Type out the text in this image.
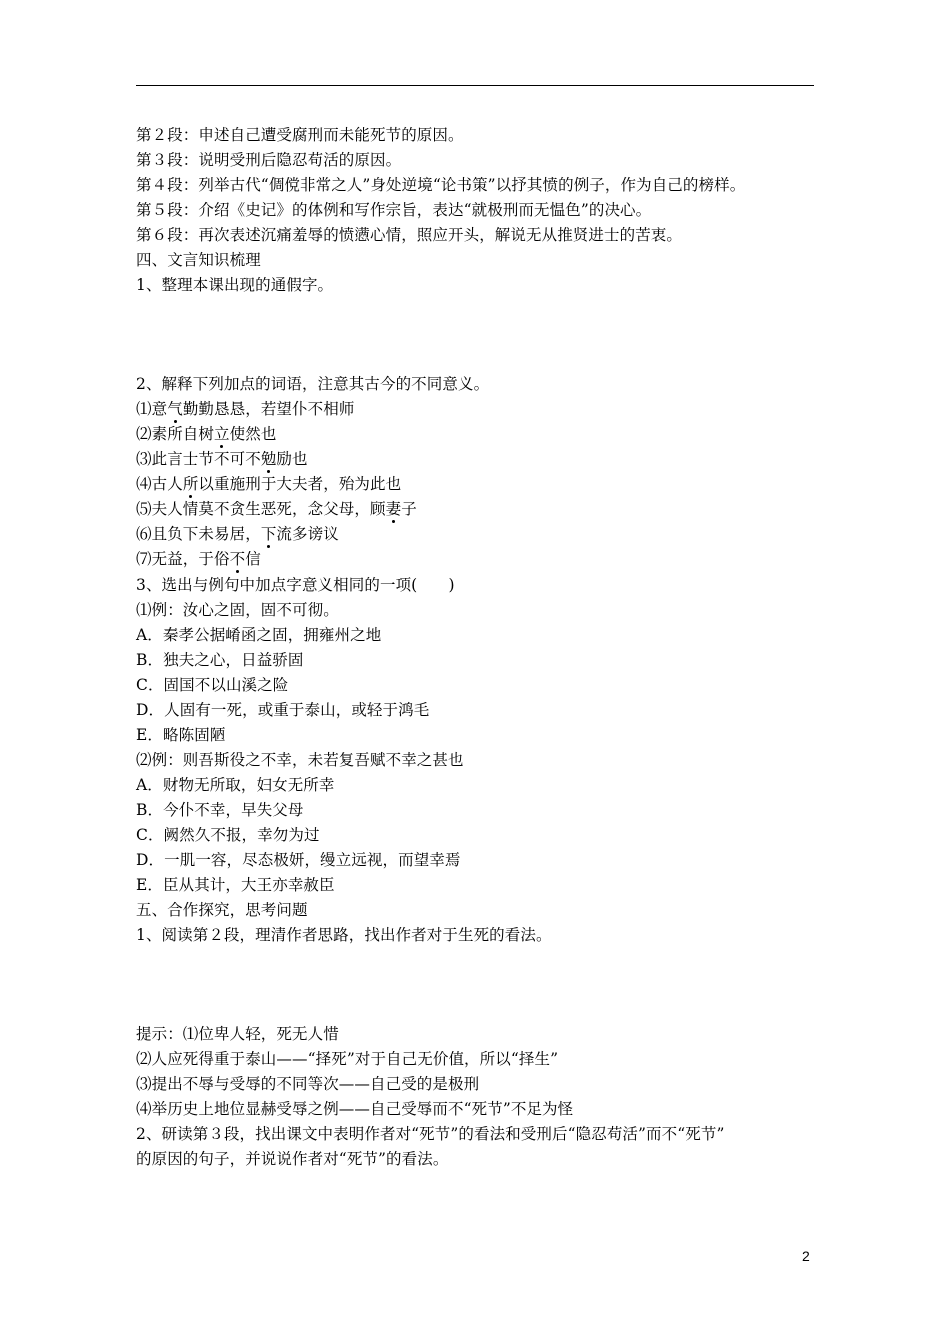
第２段：申述自己遭受腐刑而未能死节的原因。
第３段：说明受刑后隐忍苟活的原因。
第４段：列举古代“倜傥非常之人”身处逆境“论书策”以抒其愤的例子，作为自己的榜样。
第５段：介绍《史记》的体例和写作宗旨，表达“就极刑而无愠色”的决心。
第６段：再次表述沉痛羞辱的愤懑心情，照应开头，解说无从推贤进士的苦衷。
四、文言知识梳理
1、整理本课出现的通假字。
2、解释下列加点的词语，注意其古今的不同意义。
⑴意气勤勤恳恳，若望仆不相师
⑵素所自树立使然也
⑶此言士节不可不勉励也
⑷古人所以重施刑于大夫者，殆为此也
⑸夫人情莫不贪生恶死，念父母，顾妻子
⑹且负下未易居，下流多谤议
⑺无益，于俗不信
3、选出与例句中加点字意义相同的一项(　　)
⑴例：汝心之固，固不可彻。
A．秦孝公据崤函之固，拥雍州之地
B．独夫之心，日益骄固
C．固国不以山溪之险
D．人固有一死，或重于泰山，或轻于鸿毛
E．略陈固陋
⑵例：则吾斯役之不幸，未若复吾赋不幸之甚也
A．财物无所取，妇女无所幸
B．今仆不幸，早失父母
C．阙然久不报，幸勿为过
D．一肌一容，尽态极妍，缦立远视，而望幸焉
E．臣从其计，大王亦幸赦臣
五、合作探究，思考问题
1、阅读第２段，理清作者思路，找出作者对于生死的看法。
提示：⑴位卑人轻，死无人惜
⑵人应死得重于泰山——“择死”对于自己无价值，所以“择生”
⑶提出不辱与受辱的不同等次——自己受的是极刑
⑷举历史上地位显赫受辱之例——自己受辱而不“死节”不足为怪
2、研读第３段，找出课文中表明作者对“死节”的看法和受刑后“隐忍苟活”而不“死节”
的原因的句子，并说说作者对“死节”的看法。
2
